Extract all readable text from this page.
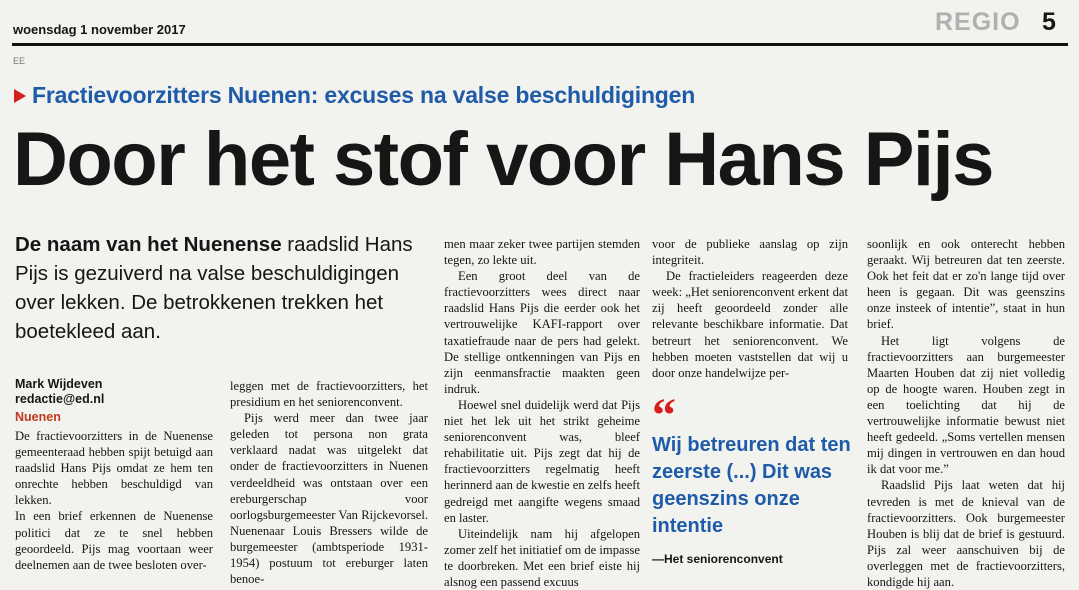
woensdag 1 november 2017	REGIO 5
EE
Fractievoorzitters Nuenen: excuses na valse beschuldigingen
Door het stof voor Hans Pijs
De naam van het Nuenense raadslid Hans Pijs is gezuiverd na valse beschuldigingen over lekken. De betrokkenen trekken het boetekleed aan.
Mark Wijdeven
redactie@ed.nl
Nuenen

De fractievoorzitters in de Nuenense gemeenteraad hebben spijt betuigd aan raadslid Hans Pijs omdat ze hem ten onrechte hebben beschuldigd van lekken.

In een brief erkennen de Nuenense politici dat ze te snel hebben geoordeeld. Pijs mag voortaan weer deelnemen aan de twee besloten over-

leggen met de fractievoorzitters, het presidium en het seniorenconvent.

Pijs werd meer dan twee jaar geleden tot persona non grata verklaard nadat was uitgelekt dat onder de fractievoorzitters in Nuenen verdeeldheid was ontstaan over een ereburgerschap voor oorlogsburgemeester Van Rijckevorsel. Nuenenaar Louis Bressers wilde de burgemeester (ambtsperiode 1931-1954) postuum tot ereburger laten benoe-

men maar zeker twee partijen stemden tegen, zo lekte uit.

Een groot deel van de fractievoorzitters wees direct naar raadslid Hans Pijs die eerder ook het vertrouwelijke KAFI-rapport over taxatiefraude naar de pers had gelekt. De stellige ontkenningen van Pijs en zijn eenmansfractie maakten geen indruk.

Hoewel snel duidelijk werd dat Pijs niet het lek uit het strikt geheime seniorenconvent was, bleef rehabilitatie uit. Pijs zegt dat hij de fractievoorzitters regelmatig heeft herinnerd aan de kwestie en zelfs heeft gedreigd met aangifte wegens smaad en laster.

Uiteindelijk nam hij afgelopen zomer zelf het initiatief om de impasse te doorbreken. Met een brief eiste hij alsnog een passend excuus

voor de publieke aanslag op zijn integriteit.

De fractieleiders reageerden deze week: „Het seniorenconvent erkent dat zij heeft geoordeeld zonder alle relevante beschikbare informatie. Dat betreurt het seniorenconvent. We hebben moeten vaststellen dat wij u door onze handelwijze per-

soonlijk en ook onterecht hebben geraakt. Wij betreuren dat ten zeerste. Ook het feit dat er zo'n lange tijd over heen is gegaan. Dit was geenszins onze insteek of intentie”, staat in hun brief.

Het ligt volgens de fractievoorzitters aan burgemeester Maarten Houben dat zij niet volledig op de hoogte waren. Houben zegt in een toelichting dat hij de vertrouwelijke informatie bewust niet heeft gedeeld. „Soms vertellen mensen mij dingen in vertrouwen en dan houd ik dat voor me.”

Raadslid Pijs laat weten dat hij tevreden is met de knieval van de fractievoorzitters. Ook burgemeester Houben is blij dat de brief is gestuurd. Pijs zal weer aanschuiven bij de overleggen met de fractievoorzitters, kondigde hij aan.

“
Wij betreuren dat ten zeerste (...) Dit was geenszins onze intentie
—Het seniorenconvent
